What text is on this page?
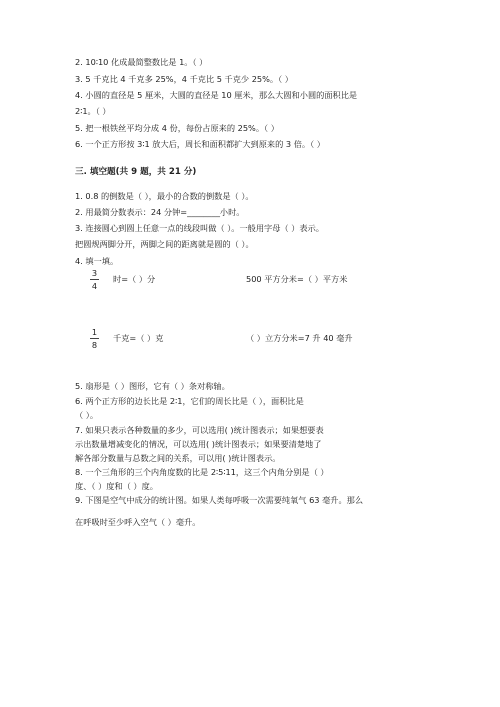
2. 10∶10 化成最简整数比是 1。（ ）
3. 5 千克比 4 千克多 25%，4 千克比 5 千克少 25%。（ ）
4. 小圆的直径是 5 厘米，大圆的直径是 10 厘米，那么大圆和小圆的面积比是
2∶1。（ ）
5. 把一根铁丝平均分成 4 份，每份占原来的 25%。（ ）
6. 一个正方形按 3∶1 放大后，周长和面积都扩大到原来的 3 倍。（ ）
三. 填空题(共 9 题，共 21 分)
1. 0.8 的倒数是（ ），最小的合数的倒数是（ ）。
2. 用最简分数表示：24 分钟=________小时。
3. 连接圆心到圆上任意一点的线段叫做（ ）。一般用字母（ ）表示。
把圆规两脚分开，两脚之间的距离就是圆的（ ）。
4. 填一填。
3
4
时=（ ）分	500 平方分米=（ ）平方米
1
8
千克=（ ）克	（ ）立方分米=7 升 40 毫升
5. 扇形是（ ）图形，它有（ ）条对称轴。
6. 两个正方形的边长比是 2∶1，它们的周长比是（ ），面积比是
（ ）。
7. 如果只表示各种数量的多少，可以选用( )统计图表示；如果想要表
示出数量增减变化的情况，可以选用( )统计图表示；如果要清楚地了
解各部分数量与总数之间的关系，可以用( )统计图表示。
8. 一个三角形的三个内角度数的比是 2∶5∶11，这三个内角分别是（ ）
度、（ ）度和（ ）度。
9. 下图是空气中成分的统计图。如果人类每呼吸一次需要纯氧气 63 毫升。那么
在呼吸时至少呼入空气（ ）毫升。
